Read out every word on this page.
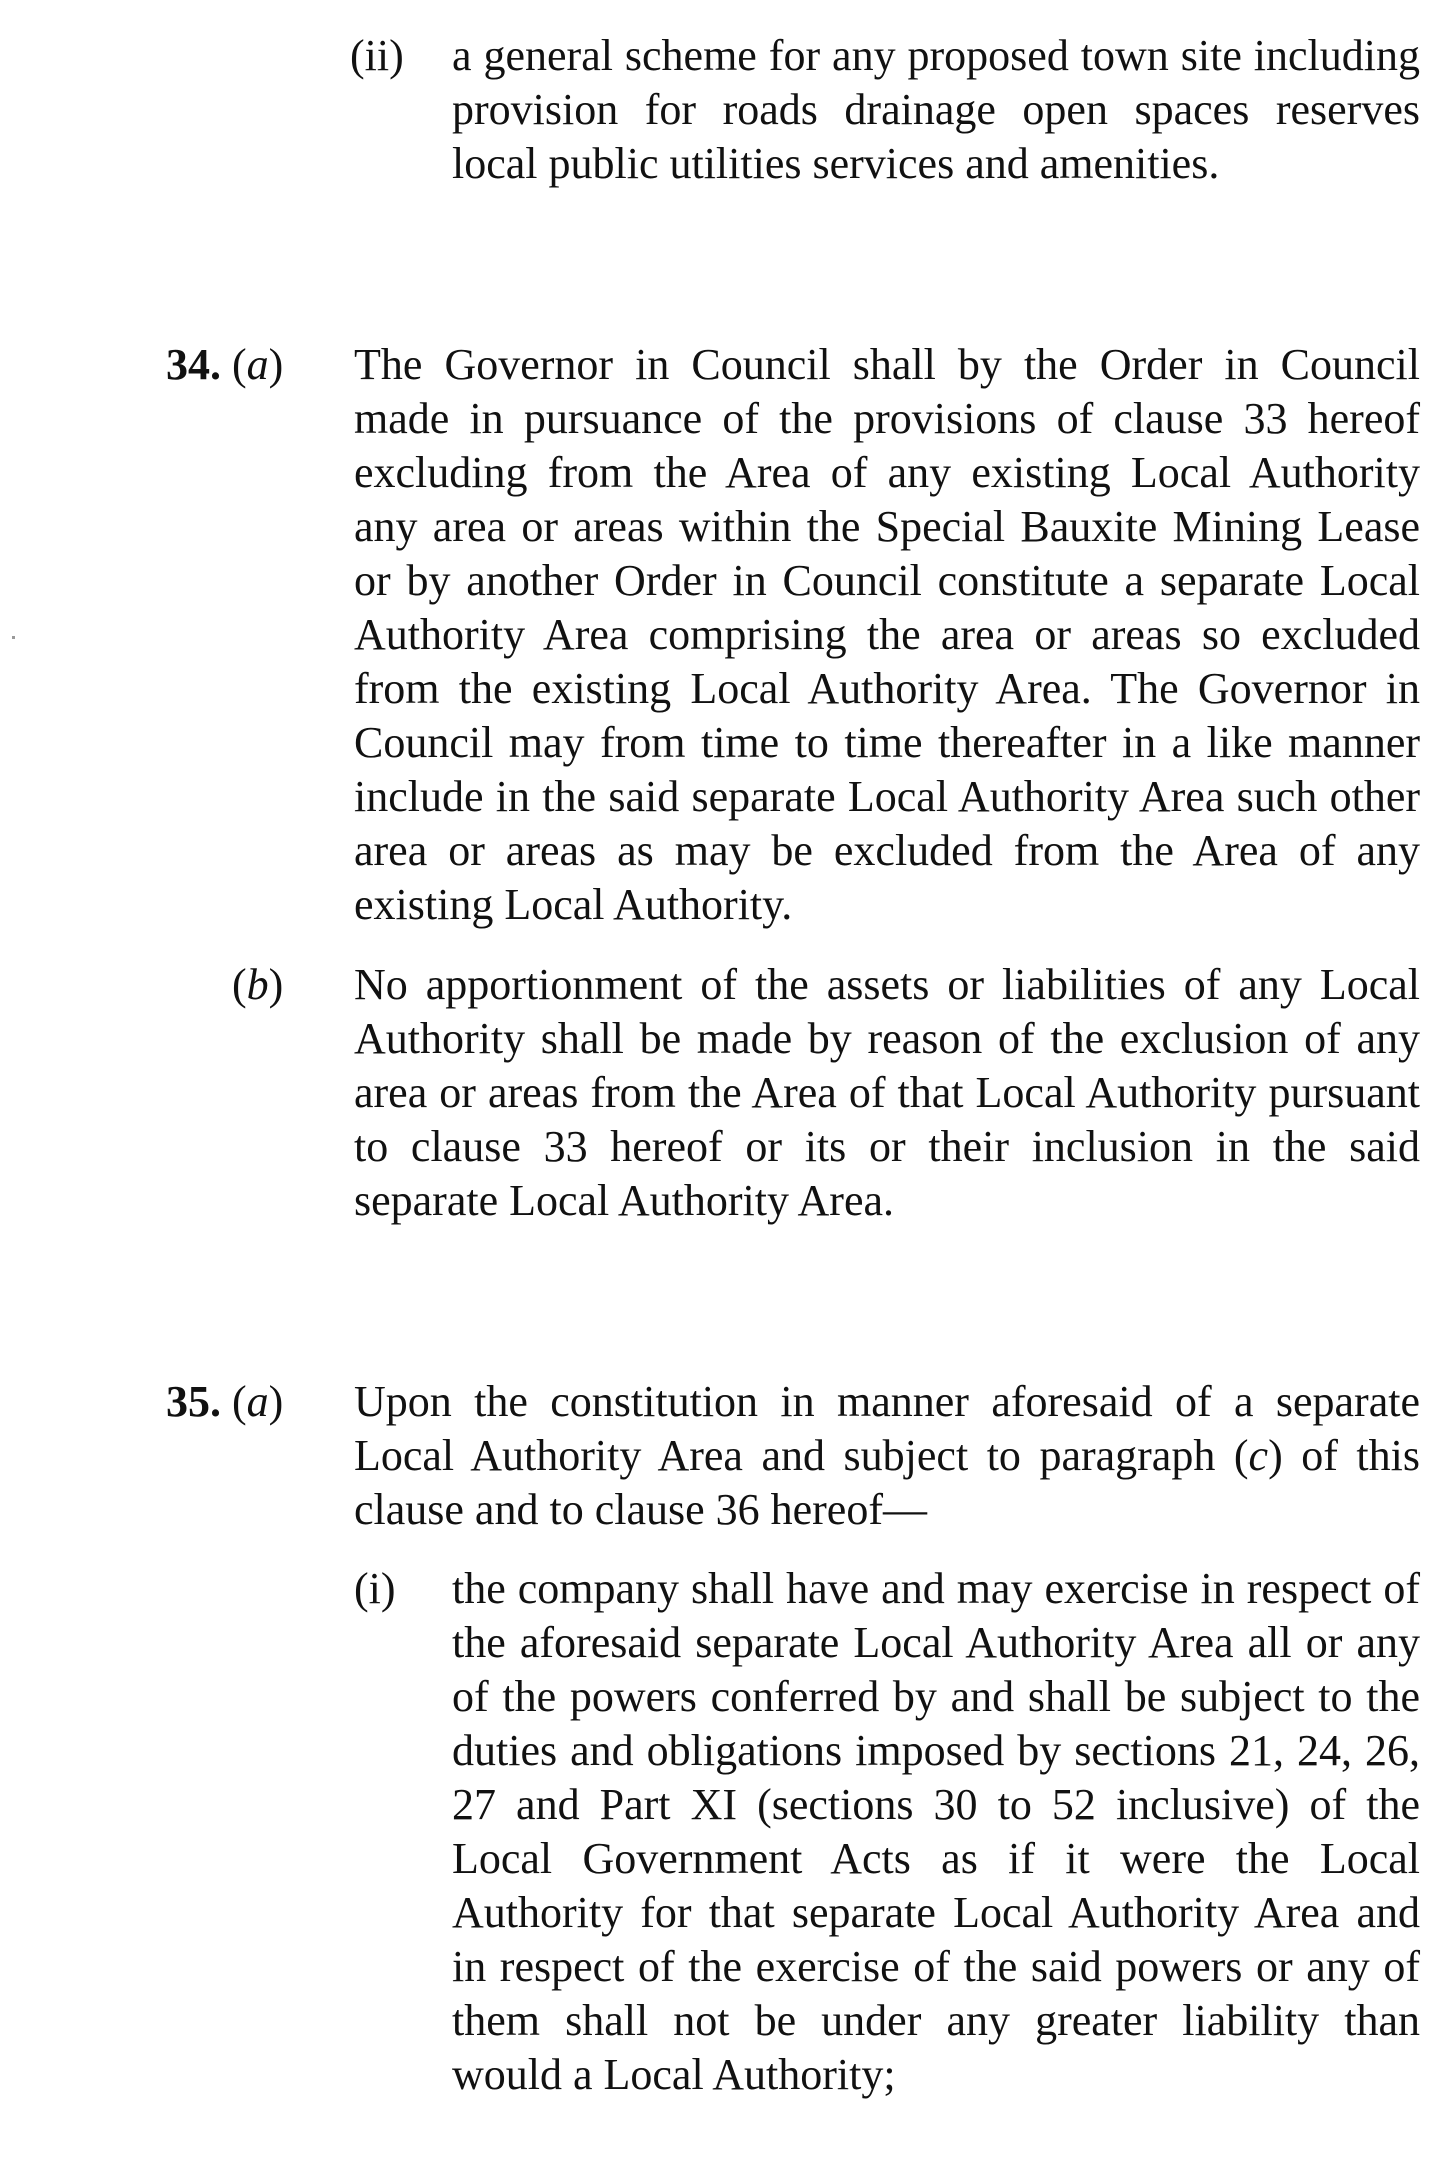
(ii) a general scheme for any proposed town site including provision for roads drainage open spaces reserves local public utilities services and amenities.
34. (a) The Governor in Council shall by the Order in Council made in pursuance of the provisions of clause 33 hereof excluding from the Area of any existing Local Authority any area or areas within the Special Bauxite Mining Lease or by another Order in Council constitute a separate Local Authority Area comprising the area or areas so excluded from the existing Local Authority Area. The Governor in Council may from time to time thereafter in a like manner include in the said separate Local Authority Area such other area or areas as may be excluded from the Area of any existing Local Authority.
(b) No apportionment of the assets or liabilities of any Local Authority shall be made by reason of the exclusion of any area or areas from the Area of that Local Authority pursuant to clause 33 hereof or its or their inclusion in the said separate Local Authority Area.
35. (a) Upon the constitution in manner aforesaid of a separate Local Authority Area and subject to paragraph (c) of this clause and to clause 36 hereof—
(i) the company shall have and may exercise in respect of the aforesaid separate Local Authority Area all or any of the powers conferred by and shall be subject to the duties and obligations imposed by sections 21, 24, 26, 27 and Part XI (sections 30 to 52 inclusive) of the Local Government Acts as if it were the Local Authority for that separate Local Authority Area and in respect of the exercise of the said powers or any of them shall not be under any greater liability than would a Local Authority;
